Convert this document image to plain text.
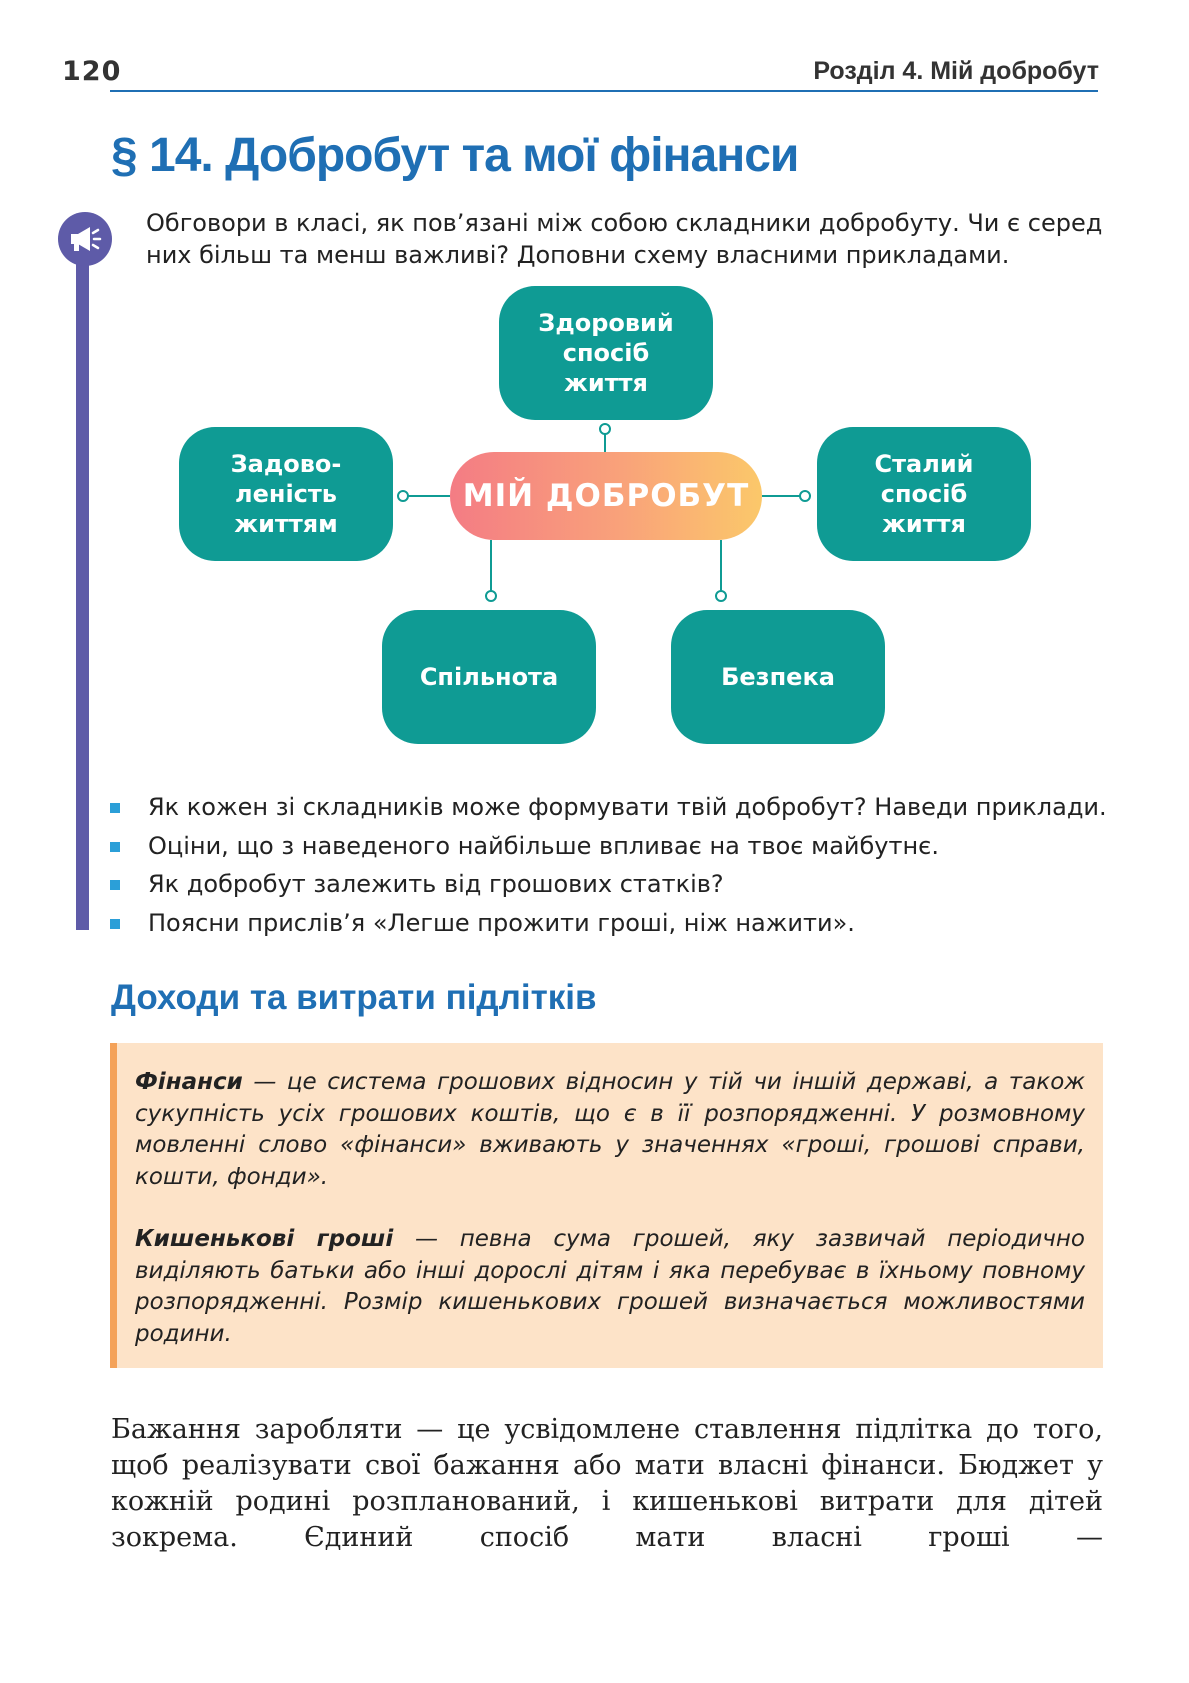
120	Розділ 4. Мій добробут
§ 14. Добробут та мої фінанси
Обговори в класі, як пов’язані між собою складники добробуту. Чи є серед них більш та менш важливі? Доповни схему власними прикладами.
Здоровий
спосіб
життя
Задово-
леність
життям
Сталий
спосіб
життя
Спільнота	Безпека
МІЙ ДОБРОБУТ
Як кожен зі складників може формувати твій добробут? Наведи приклади.
Оціни, що з наведеного найбільше впливає на твоє майбутнє.
Як добробут залежить від грошових статків?
Поясни прислів’я «Легше прожити гроші, ніж нажити».
Доходи та витрати підлітків

Фінанси — це система грошових відносин у тій чи іншій державі, а також сукупність усіх грошових коштів, що є в її розпорядженні. У розмовному мовленні слово «фінанси» вживають у значеннях «гроші, грошові справи, кошти, фонди».

Кишенькові гроші — певна сума грошей, яку зазвичай періодично виділяють батьки або інші дорослі дітям і яка перебуває в їхньому повному розпорядженні. Розмір кишенькових грошей визначається можливостями родини.

Бажання заробляти — це усвідомлене ставлення підлітка до того, щоб реалізувати свої бажання або мати власні фінанси. Бюджет у кожній родині розпланований, і кишенькові витрати для дітей зокрема. Єдиний спосіб мати власні гроші —
